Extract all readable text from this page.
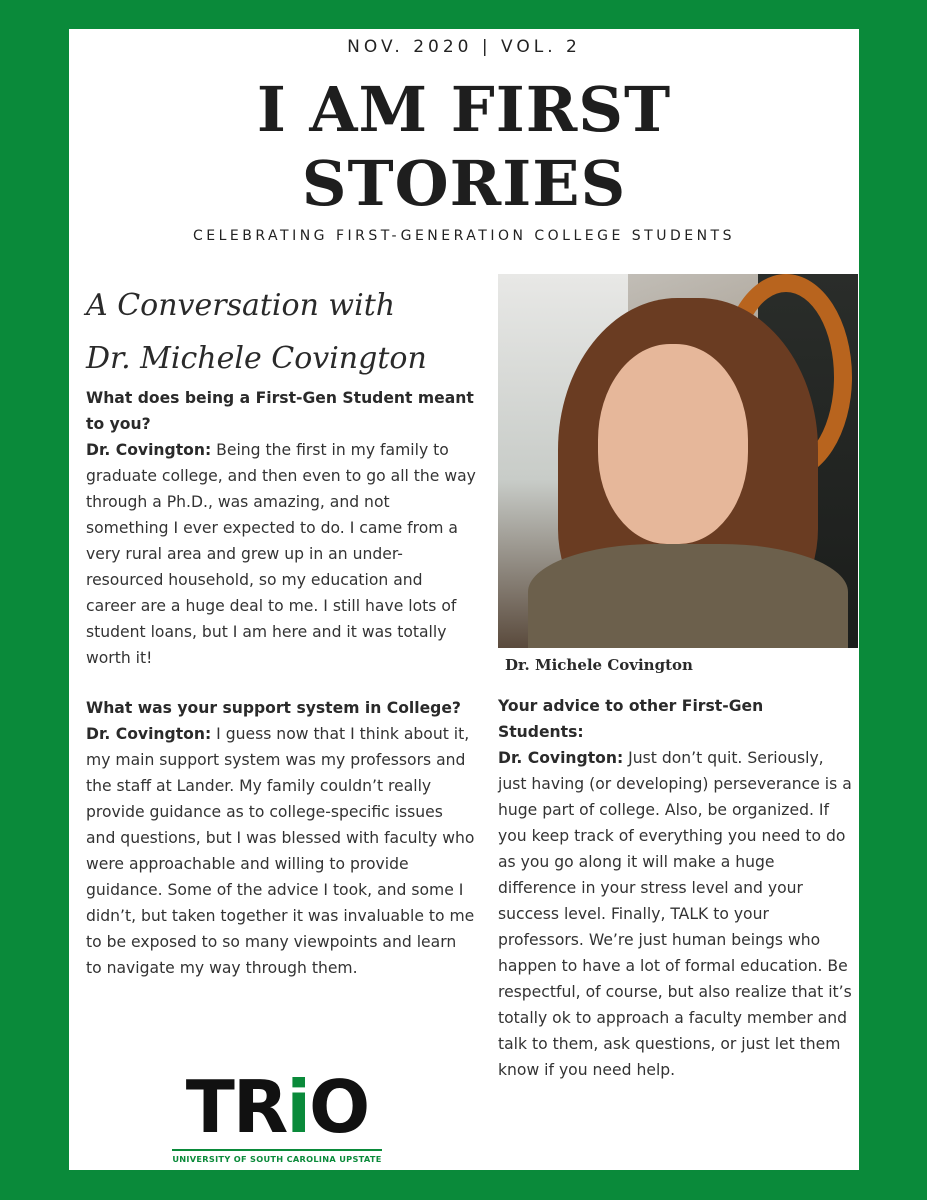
NOV. 2020 | VOL. 2
I AM FIRST
STORIES
CELEBRATING FIRST-GENERATION COLLEGE STUDENTS
A Conversation with
Dr. Michele Covington
What does being a First-Gen Student meant to you?
Dr. Covington: Being the first in my family to graduate college, and then even to go all the way through a Ph.D., was amazing, and not something I ever expected to do. I came from a very rural area and grew up in an under-resourced household, so my education and career are a huge deal to me. I still have lots of student loans, but I am here and it was totally worth it!
What was your support system in College?
Dr. Covington: I guess now that I think about it, my main support system was my professors and the staff at Lander. My family couldn’t really provide guidance as to college-specific issues and questions, but I was blessed with faculty who were approachable and willing to provide guidance. Some of the advice I took, and some I didn’t, but taken together it was invaluable to me to be exposed to so many viewpoints and learn to navigate my way through them.
Dr. Michele Covington
Your advice to other First-Gen Students:
Dr. Covington: Just don’t quit. Seriously, just having (or developing) perseverance is a huge part of college. Also, be organized. If you keep track of everything you need to do as you go along it will make a huge difference in your stress level and your success level. Finally, TALK to your professors. We’re just human beings who happen to have a lot of formal education. Be respectful, of course, but also realize that it’s totally ok to approach a faculty member and talk to them, ask questions, or just let them know if you need help.
TRiO
UNIVERSITY OF SOUTH CAROLINA UPSTATE
